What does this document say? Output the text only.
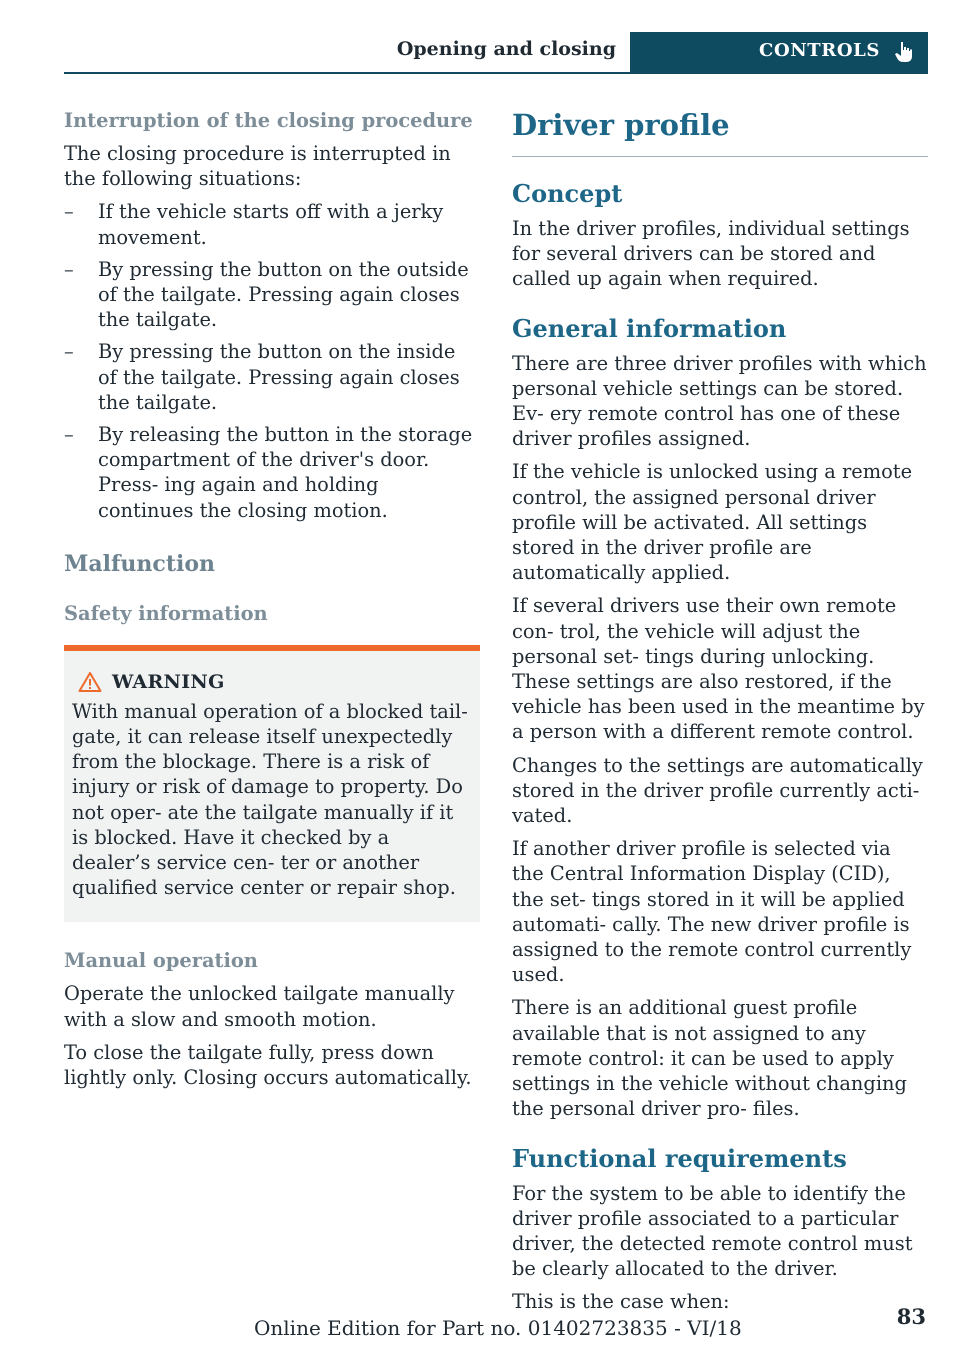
Opening and closing	CONTROLS
Interruption of the closing procedure

The closing procedure is interrupted in the following situations:

– If the vehicle starts off with a jerky movement.
– By pressing the button on the outside of the tailgate. Pressing again closes the tailgate.
– By pressing the button on the inside of the tailgate. Pressing again closes the tailgate.
– By releasing the button in the storage compartment of the driver's door. Press‐ ing again and holding continues the closing motion.
Malfunction
Safety information
WARNING

With manual operation of a blocked tail‐ gate, it can release itself unexpectedly from the blockage. There is a risk of injury or risk of damage to property. Do not oper‐ ate the tailgate manually if it is blocked. Have it checked by a dealer’s service cen‐ ter or another qualified service center or repair shop.

Manual operation

Operate the unlocked tailgate manually with a slow and smooth motion.

To close the tailgate fully, press down lightly only. Closing occurs automatically.

Driver profile
Concept

In the driver profiles, individual settings for several drivers can be stored and called up again when required.

General information

There are three driver profiles with which personal vehicle settings can be stored. Ev‐ ery remote control has one of these driver profiles assigned.

If the vehicle is unlocked using a remote control, the assigned personal driver profile will be activated. All settings stored in the driver profile are automatically applied.

If several drivers use their own remote con‐ trol, the vehicle will adjust the personal set‐ tings during unlocking. These settings are also restored, if the vehicle has been used in the meantime by a person with a different remote control.

Changes to the settings are automatically stored in the driver profile currently acti‐ vated.

If another driver profile is selected via the Central Information Display (CID), the set‐ tings stored in it will be applied automati‐ cally. The new driver profile is assigned to the remote control currently used.

There is an additional guest profile available that is not assigned to any remote control: it can be used to apply settings in the vehicle without changing the personal driver pro‐ files.

Functional requirements

For the system to be able to identify the driver profile associated to a particular driver, the detected remote control must be clearly allocated to the driver.

This is the case when:

Online Edition for Part no. 01402723835 - VI/18	83
